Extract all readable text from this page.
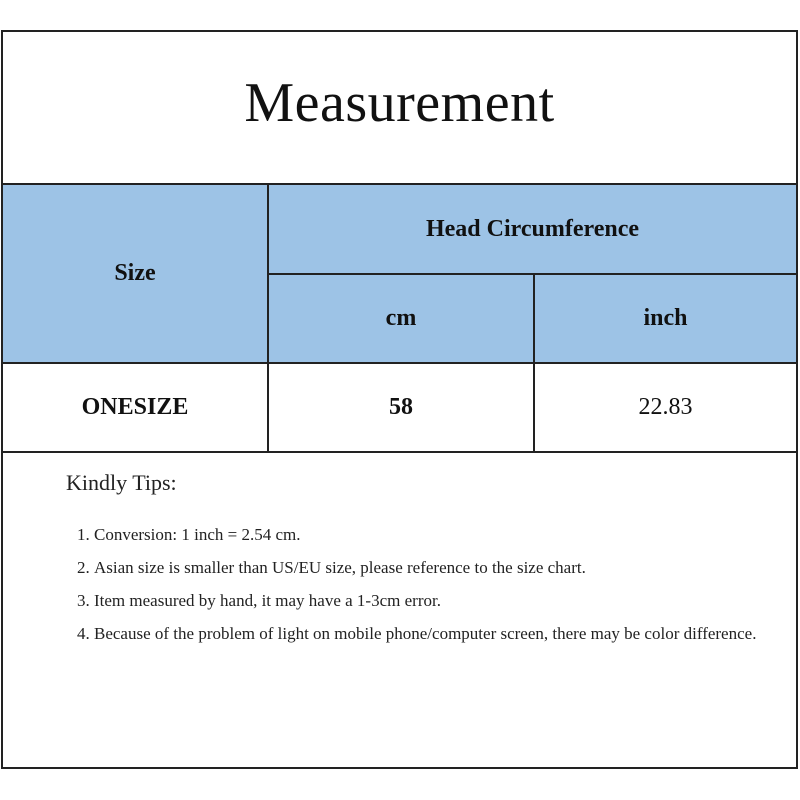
Measurement
Size	Head Circumference	
	cm	inch
ONESIZE	58	22.83
Kindly Tips:
1. Conversion: 1 inch = 2.54 cm.
2. Asian size is smaller than US/EU size, please reference to the size chart.
3. Item measured by hand, it may have a 1-3cm error.
4. Because of the problem of light on mobile phone/computer screen, there may be color difference.
